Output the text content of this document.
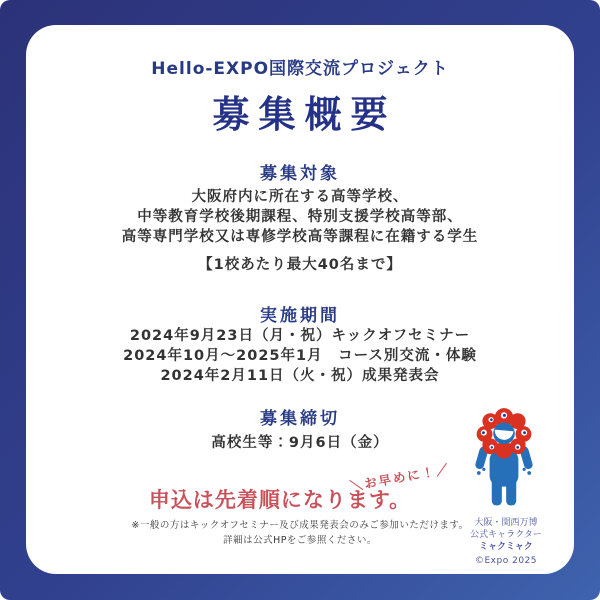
Hello-EXPO国際交流プロジェクト
募集概要
募集対象
大阪府内に所在する高等学校、
中等教育学校後期課程、特別支援学校高等部、
高等専門学校又は専修学校高等課程に在籍する学生
【1校あたり最大40名まで】
実施期間
2024年9月23日（月・祝）キックオフセミナー
2024年10月～2025年1月　コース別交流・体験
2024年2月11日（火・祝）成果発表会
募集締切
高校生等：9月6日（金）
＼お早めに！／
申込は先着順になります。
※一般の方はキックオフセミナー及び成果発表会のみご参加いただけます。
詳細は公式HPをご参照ください。
大阪・関西万博
公式キャラクター
ミャクミャク
©Expo 2025
